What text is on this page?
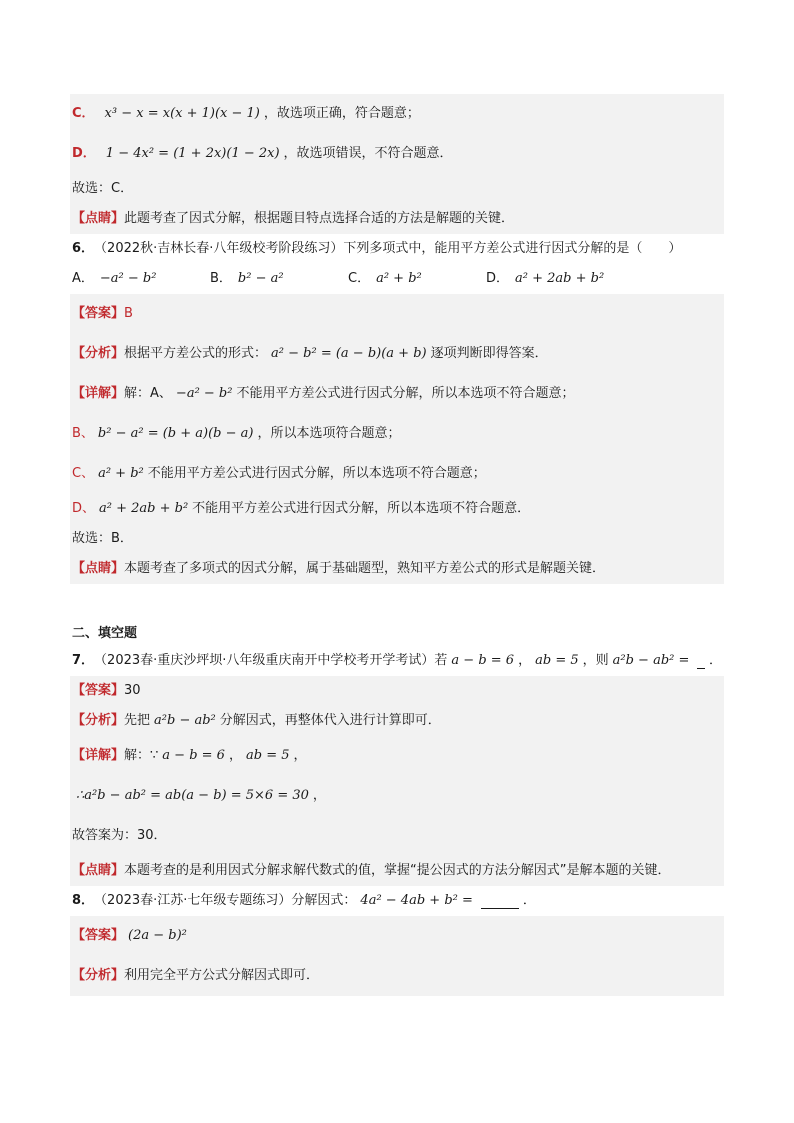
C． x³ − x = x(x + 1)(x − 1) ，故选项正确，符合题意；
D． 1 − 4x² = (1 + 2x)(1 − 2x) ，故选项错误，不符合题意．
故选：C．
【点睛】 此题考查了因式分解，根据题目特点选择合适的方法是解题的关键．
6． （2022秋·吉林长春·八年级校考阶段练习） 下列多项式中，能用平方差公式进行因式分解的是（　　）
A． −a² − b²	B． b² − a²	C． a² + b²	D． a² + 2ab + b²
【答案】 B
【分析】 根据平方差公式的形式： a² − b² = (a − b)(a + b) 逐项判断即得答案．
【详解】 解：A、 −a² − b² 不能用平方差公式进行因式分解，所以本选项不符合题意；
B、 b² − a² = (b + a)(b − a) ，所以本选项符合题意；
C、 a² + b² 不能用平方差公式进行因式分解，所以本选项不符合题意；
D、 a² + 2ab + b² 不能用平方差公式进行因式分解，所以本选项不符合题意．
故选：B．
【点睛】 本题考查了多项式的因式分解，属于基础题型，熟知平方差公式的形式是解题关键．
二、填空题
7． （2023春·重庆沙坪坝·八年级重庆南开中学校考开学考试） 若 a − b = 6 ， ab = 5 ，则 a²b − ab² = ．
【答案】 30
【分析】 先把 a²b − ab² 分解因式，再整体代入进行计算即可．
【详解】 解：∵ a − b = 6 ， ab = 5 ，
∴a²b − ab² = ab(a − b) = 5×6 = 30 ，
故答案为：30．
【点睛】 本题考查的是利用因式分解求解代数式的值，掌握“提公因式的方法分解因式”是解本题的关键．
8． （2023春·江苏·七年级专题练习） 分解因式： 4a² − 4ab + b² =	．
【答案】 (2a − b)²
【分析】 利用完全平方公式分解因式即可．
